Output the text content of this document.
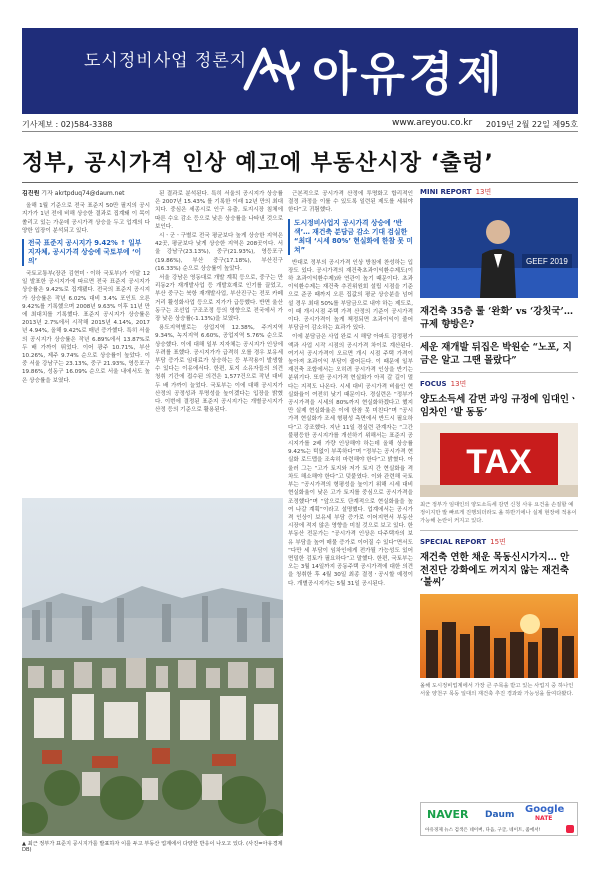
도시정비사업 정론지 아유경제
기사제보 : 02)584-3388	www.areyou.co.kr 2019년 2월 22일 제95호
정부, 공시가격 인상 예고에 부동산시장 ‘출렁’
김진원 기자 akrtpduq74@daum.net

올해 1월 기준으로 전국 표준지 50만 필지의 공시지가가 1년 전에 비해 상승한 결과로 집계돼 이 목이 쏠리고 있는 가운데 공시가격 상승을 두고 업계의 다양한 입장이 분석되고 있다.

전국 표준지 공시지가 9.42% ↑ 일부 지자체, 공시가격 상승에 국토부에 ‘이의’

국토교통부(장관 김현미ㆍ이하 국토부)가 이달 12일 발표한 공시지가에 따르면 전국 표준지 공시지가 상승률은 9.42%로 집계됐다. 전국의 표준지 공시지가 상승률은 작년 6.02% 대비 3.4% 포인트 오른 9.42%를 기록했으며 2008년 9.63% 이후 11년 만에 최대치를 기록했다. 표준지 공시지가 상승률은 2013년 2.7%에서 시작해 2015년 4.14%, 2017년 4.94%, 올해 9.42%로 매년 증가했다. 특히 서울의 공시지가 상승률은 작년 6.89%에서 13.87%로 두 배 가까이 뛰었다. 이어 광주 10.71%, 부산 10.26%, 제주 9.74% 순으로 상승률이 높았다. 이 중 서울 강남구는 23.13%, 중구 21.93%, 영등포구 19.86%, 성동구 16.09% 순으로 서울 내에서도 높은 상승률을 보였다.

된 결과로 분석된다. 특히 서울의 공시지가 상승률은 2007년 15.43% 를 기록한 이래 12년 만의 최대치다. 중심은 세종시로 인구 유출, 토지시장 침체에 따른 수요 감소 등으로 낮은 상승률을 나타낸 것으로 보인다.

시ㆍ군ㆍ구별로 전국 평균보다 높게 상승한 지역은 42곳, 평균보다 낮게 상승한 지역은 208곳이다. 서울 강남구(23.13%), 중구(21.93%), 영등포구(19.86%), 부산 중구(17.18%), 부산진구(16.33%) 순으로 상승률이 높았다.

서울 강남은 영동대로 개발 계획 등으로, 중구는 만리동2가 재개발사업 등 개발호재로 인기를 끌었고, 부산 중구는 북항 재개발사업, 부산진구는 전포 카페거리 활성화사업 등으로 지가가 급등했다. 반면 울산 동구는 조선업 구조조정 등의 영향으로 전국에서 가장 낮은 상승률(-1.13%)을 보였다.

용도지역별로는 상업지역 12.38%, 주거지역 9.34%, 녹지지역 6.60%, 공업지역 5.76% 순으로 상승했다. 이에 대해 일부 지자체는 공시지가 인상에 우려를 표했다. 공시지가가 급격히 오를 경우 보유세 부담 증가로 임대료가 상승하는 등 부작용이 발생할 수 있다는 이유에서다. 한편, 토지 소유자들의 의견 청취 기간에 접수된 의견은 1,577건으로 작년 대비 두 배 가까이 늘었다. 국토부는 이에 대해 공시지가 산정의 공정성과 투명성을 높이겠다는 입장을 밝혔다. 이번에 결정된 표준지 공시지가는 개별공시지가 산정 등의 기준으로 활용된다.

▲ 최근 정부가 표준지 공시지가를 발표하자 이를 두고 부동산 업계에서 다양한 반응이 나오고 있다. (사진=아유경제 DB)

근본적으로 공시가격 산정에 투명화고 합리적인 결정 과정을 이룰 수 있도록 일련된 제도를 세워야 한다”고 귀띔했다.

도시정비사업지 공시가격 상승에 ‘반색’… 재건축 분담금 감소 기대 검실한 “최대 ‘시세 80%’ 현실화에 한참 못 미쳐”

반대로 정부의 공시가격 인상 방침에 찬성하는 입장도 있다. 공시가격의 재건축초과이익환수제도(이하 초과이익환수제)와 연관이 높기 때문이다. 초과이익환수제는 재건축 추진위원회 설립 시점을 기준으로 준공 때까지 오른 집값의 평균 상승분을 넘어설 경우 최대 50%를 부담금으로 내야 하는 제도로, 이 때 개시시점 주택 가격 산정의 기준이 공시가격이다. 공시가격이 높게 책정되면 초과이익이 줄어 부담금이 감소하는 효과가 있다.

이에 분담금은 사업 완료 시 해당 아파트 감정평가액과 사업 시작 시점의 공시가격 차이로 계산된다. 여기서 공시가격이 오르면 개시 시점 주택 가격이 높아져 초과이익 부담이 줄어든다. 이 때문에 일부 재건축 조합에서는 오히려 공시가격 인상을 반기는 분위기다. 또한 공시가격 현실화가 아직 갈 길이 멀다는 지적도 나온다. 시세 대비 공시가격 비율인 현실화율이 여전히 낮기 때문이다. 경실련은 “정부가 공시가격을 시세의 80%까지 현실화하겠다고 했지만 실제 현실화율은 이에 한참 못 미친다”며 “공시가격 현실화가 조세 형평성 측면에서 반드시 필요하다”고 강조했다. 지난 11일 경실련 관계자는 “그간 불평등한 공시지가를 개선하기 위해서는 표준지 공시지가를 2배 가량 인상해야 하는데 올해 상승률 9.42%는 턱없이 부족하다”며 “정부는 공시가격 현실화 로드맵을 조속히 마련해야 한다”고 밝혔다. 아울러 그는 “고가 토지와 저가 토지 간 현실화율 격차도 해소해야 한다”고 덧붙였다. 이와 관련해 국토부는 “공시가격의 형평성을 높이기 위해 시세 대비 현실화율이 낮은 고가 토지를 중심으로 공시가격을 조정했다”며 “앞으로도 단계적으로 현실화율을 높여 나갈 계획”이라고 설명했다. 업계에서는 공시가격 인상이 보유세 부담 증가로 이어지면서 부동산 시장에 적지 않은 영향을 미칠 것으로 보고 있다. 한 부동산 전문가는 “공시가격 인상은 다주택자의 보유 부담을 높여 매물 증가로 이어질 수 있다”면서도 “다만 세 부담이 임차인에게 전가될 가능성도 있어 면밀한 검토가 필요하다”고 말했다. 한편, 국토부는 오는 3월 14일까지 공동주택 공시가격에 대한 의견을 청취한 후 4월 30일 최종 결정ㆍ공시할 예정이다. 개별공시지가는 5월 31일 공시된다.

MINI REPORT 13면
GEEF 2019
재건축 35층 룰 ‘완화’ vs ‘강칫국’… 규제 향방은?
세운 재개발 뒤집은 박원순 “노포, 지금은 알고 그땐 몰랐다”
FOCUS 13면
양도소득세 감면 과잉 규정에 임대인ㆍ임차인 ‘발 동동’
TAX
최근 정부가 임대인의 양도소득세 감면 신청 사유 요건을 손질할 예정이지만 발 빠르게 진행되더라도 올 하반기에나 실제 현장에 적용이 가능해 논란이 커지고 있다.
SPECIAL REPORT 15면
재건축 연한 채운 목동신시가지… 안전진단 강화에도 꺼지지 않는 재건축 ‘불씨’
올해 도시정비업계에서 가장 큰 주목을 받고 있는 사업지 중 하나인 서울 양천구 목동 일대의 재건축 추진 경과와 가능성을 들여다봤다.
NAVER Daum Google
NATE
아유경제 뉴스 검색은 네이버, 다음, 구글, 네이트, 줌에서!
